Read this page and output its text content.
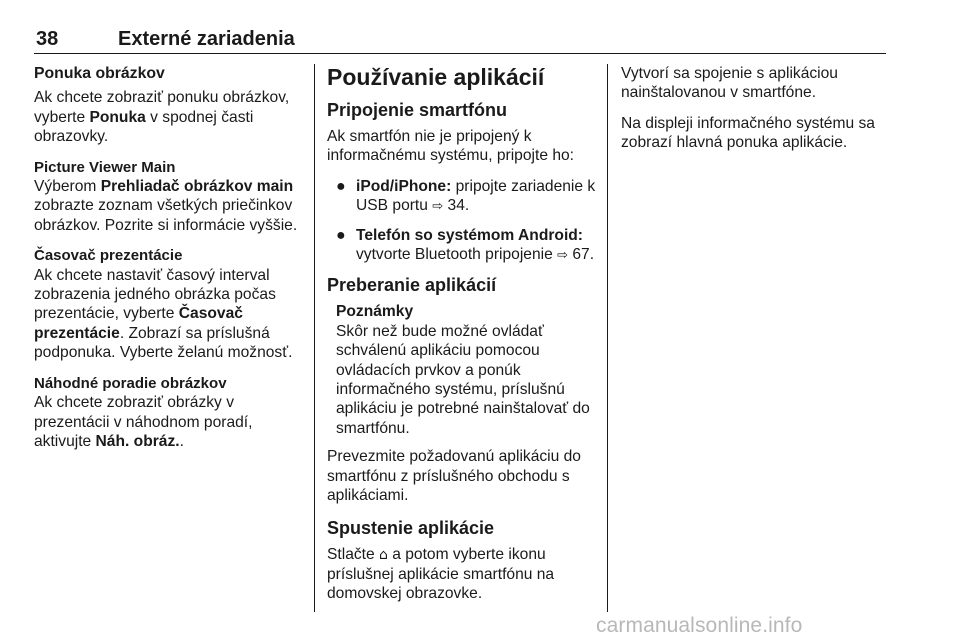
38	Externé zariadenia
Ponuka obrázkov

Ak chcete zobraziť ponuku obrázkov, vyberte Ponuka v spodnej časti obrazovky.

Picture Viewer Main

Výberom Prehliadač obrázkov main zobrazte zoznam všetkých priečinkov obrázkov. Pozrite si informácie vyššie.

Časovač prezentácie

Ak chcete nastaviť časový interval zobrazenia jedného obrázka počas prezentácie, vyberte Časovač prezentácie. Zobrazí sa príslušná podponuka. Vyberte želanú možnosť.

Náhodné poradie obrázkov

Ak chcete zobraziť obrázky v prezentácii v náhodnom poradí, aktivujte Náh. obráz..

Používanie aplikácií
Pripojenie smartfónu

Ak smartfón nie je pripojený k informačnému systému, pripojte ho:

● iPod/iPhone: pripojte zariadenie k USB portu ⇨ 34.
● Telefón so systémom Android: vytvorte Bluetooth pripojenie ⇨ 67.
Preberanie aplikácií
Poznámky
Skôr než bude možné ovládať schválenú aplikáciu pomocou ovládacích prvkov a ponúk informačného systému, príslušnú aplikáciu je potrebné nainštalovať do smartfónu.

Prevezmite požadovanú aplikáciu do smartfónu z príslušného obchodu s aplikáciami.

Spustenie aplikácie

Stlačte ⌂ a potom vyberte ikonu príslušnej aplikácie smartfónu na domovskej obrazovke.

Vytvorí sa spojenie s aplikáciou nainštalovanou v smartfóne.

Na displeji informačného systému sa zobrazí hlavná ponuka aplikácie.

carmanualsonline.info
